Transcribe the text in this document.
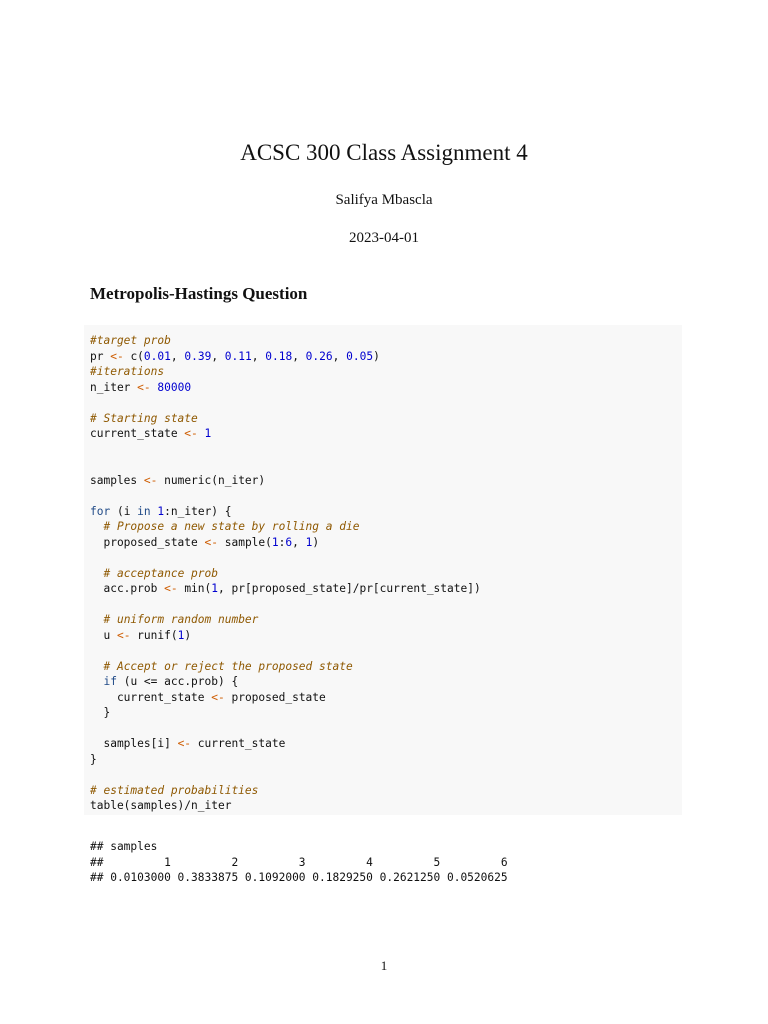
ACSC 300 Class Assignment 4
Salifya Mbascla
2023-04-01
Metropolis-Hastings Question
#target prob
pr <- c(0.01, 0.39, 0.11, 0.18, 0.26, 0.05)
#iterations
n_iter <- 80000
# Starting state
current_state <- 1
samples <- numeric(n_iter)
for (i in 1:n_iter) {
# Propose a new state by rolling a die
proposed_state <- sample(1:6, 1)
# acceptance prob
acc.prob <- min(1, pr[proposed_state]/pr[current_state])
# uniform random number
u <- runif(1)
# Accept or reject the proposed state
if (u <= acc.prob) {
current_state <- proposed_state
}
samples[i] <- current_state
}
# estimated probabilities
table(samples)/n_iter
## samples
##         1         2         3         4         5         6
## 0.0103000 0.3833875 0.1092000 0.1829250 0.2621250 0.0520625
1
